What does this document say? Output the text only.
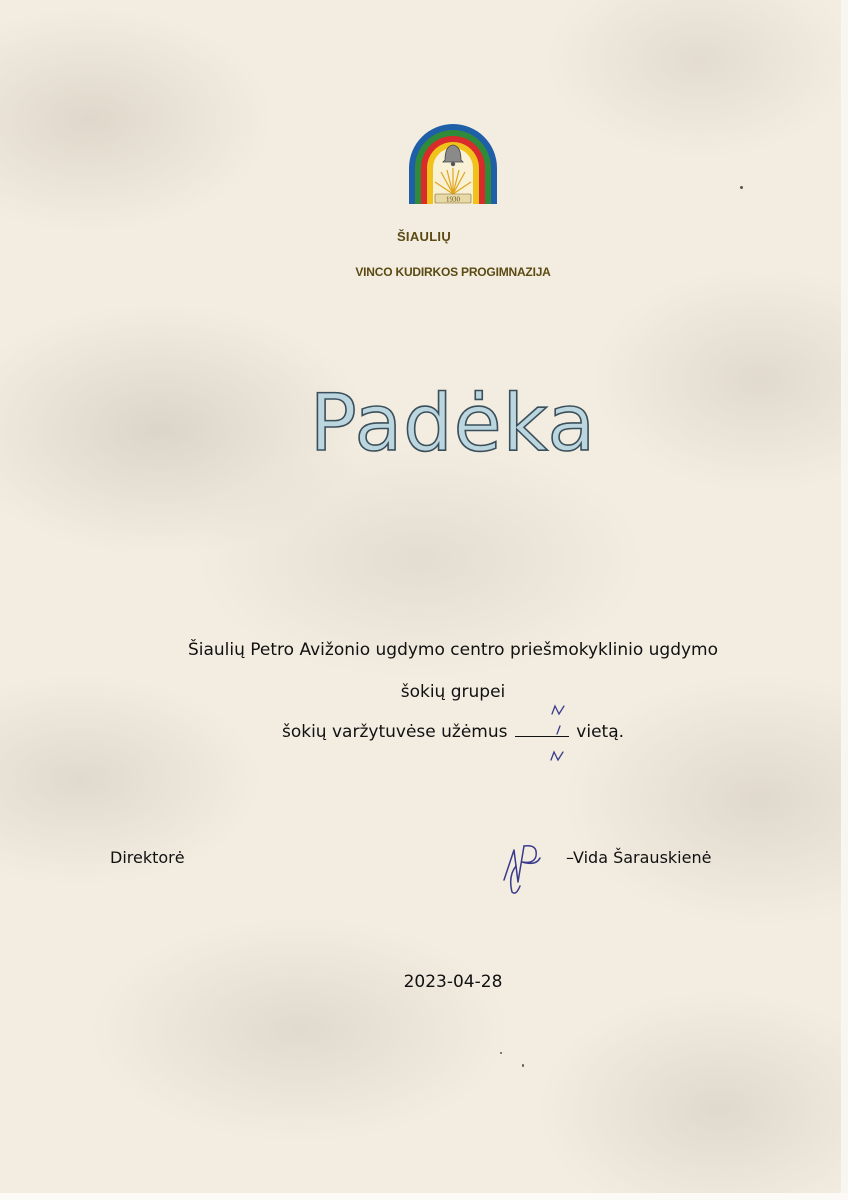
1930
ŠIAULIŲ
VINCO KUDIRKOS PROGIMNAZIJA
Padėka
Šiaulių Petro Avižonio ugdymo centro priešmokyklinio ugdymo
šokių grupei
šokių varžytuvėse užėmus	vietą.
Direktorė	– Vida Šarauskienė
2023-04-28
